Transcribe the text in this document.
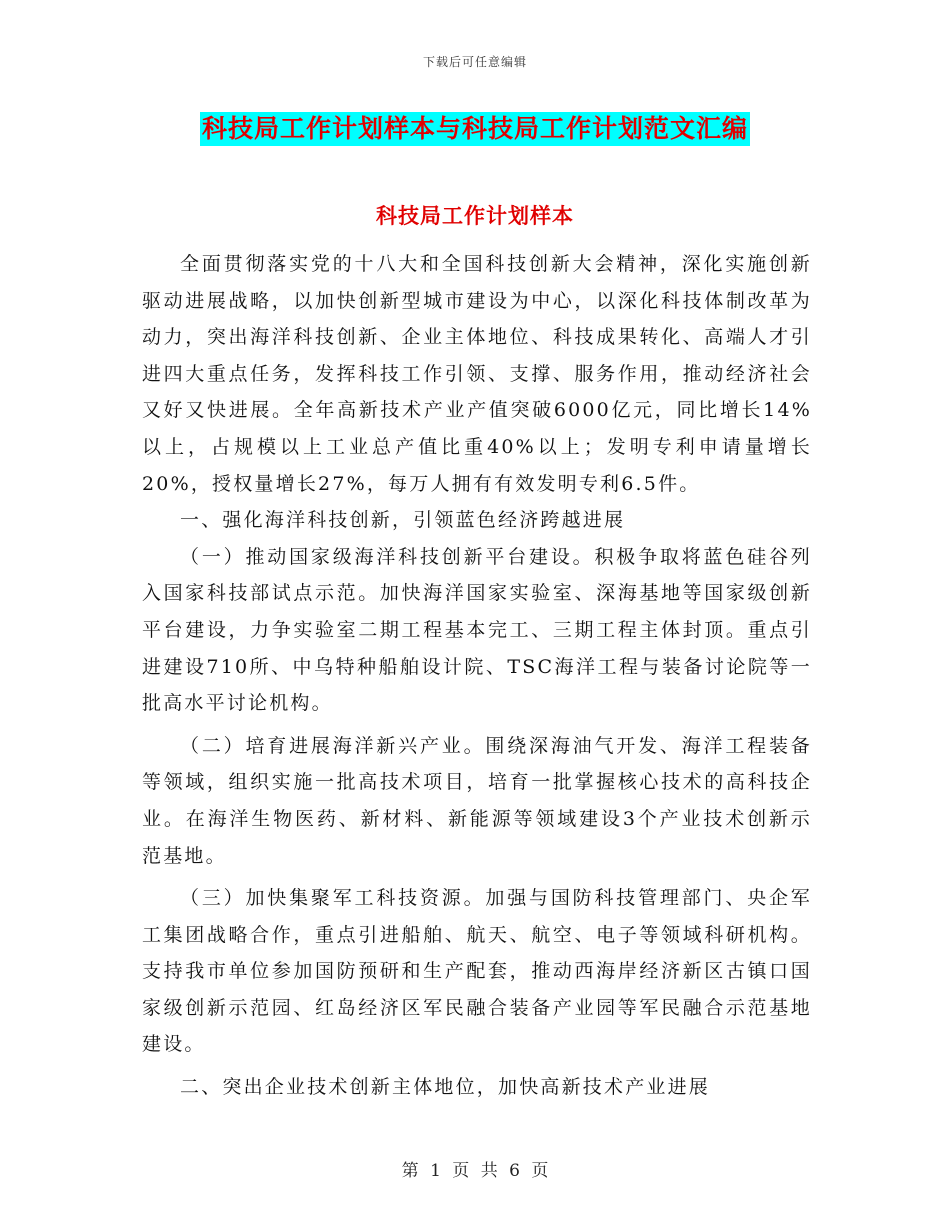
下载后可任意编辑
科技局工作计划样本与科技局工作计划范文汇编
科技局工作计划样本

全面贯彻落实党的十八大和全国科技创新大会精神，深化实施创新驱动进展战略，以加快创新型城市建设为中心，以深化科技体制改革为动力，突出海洋科技创新、企业主体地位、科技成果转化、高端人才引进四大重点任务，发挥科技工作引领、支撑、服务作用，推动经济社会又好又快进展。全年高新技术产业产值突破6000亿元，同比增长14%以上，占规模以上工业总产值比重40%以上；发明专利申请量增长20%，授权量增长27%，每万人拥有有效发明专利6.5件。

一、强化海洋科技创新，引领蓝色经济跨越进展

（一）推动国家级海洋科技创新平台建设。积极争取将蓝色硅谷列入国家科技部试点示范。加快海洋国家实验室、深海基地等国家级创新平台建设，力争实验室二期工程基本完工、三期工程主体封顶。重点引进建设710所、中乌特种船舶设计院、TSC海洋工程与装备讨论院等一批高水平讨论机构。

（二）培育进展海洋新兴产业。围绕深海油气开发、海洋工程装备等领域，组织实施一批高技术项目，培育一批掌握核心技术的高科技企业。在海洋生物医药、新材料、新能源等领域建设3个产业技术创新示范基地。

（三）加快集聚军工科技资源。加强与国防科技管理部门、央企军工集团战略合作，重点引进船舶、航天、航空、电子等领域科研机构。支持我市单位参加国防预研和生产配套，推动西海岸经济新区古镇口国家级创新示范园、红岛经济区军民融合装备产业园等军民融合示范基地建设。

二、突出企业技术创新主体地位，加快高新技术产业进展

第 1 页 共 6 页
